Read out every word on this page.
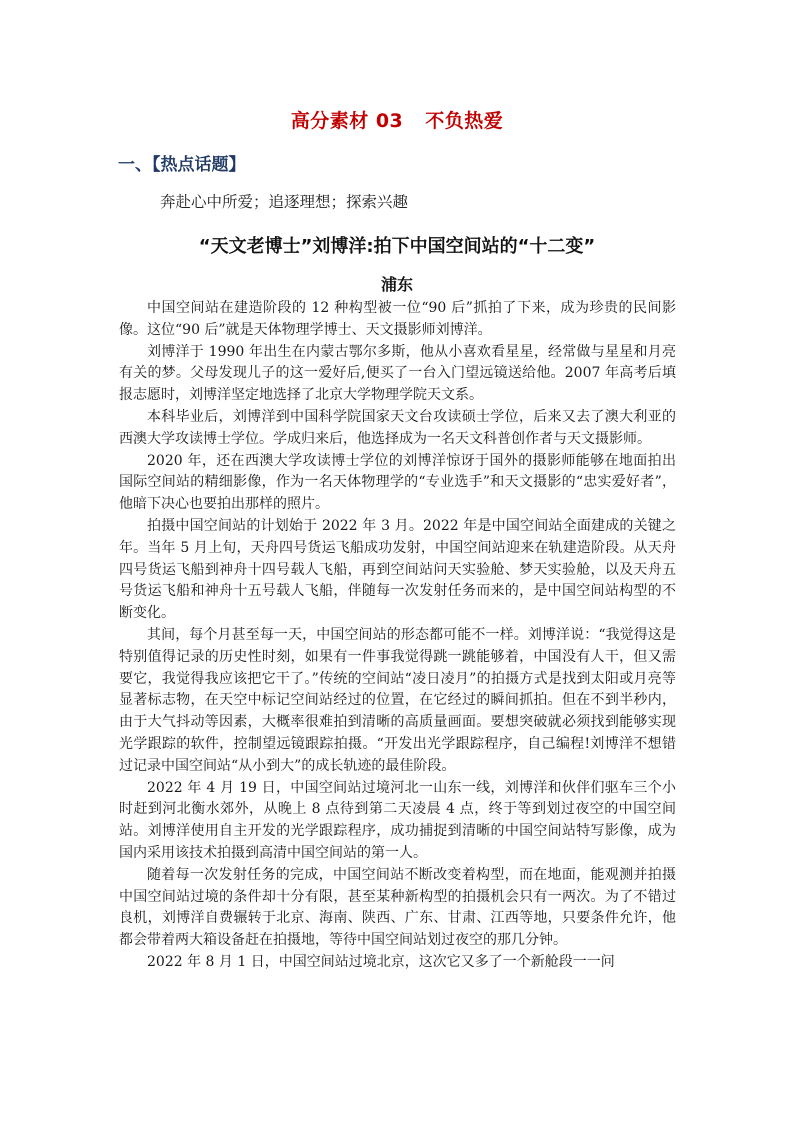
高分素材 03 不负热爱
一、【热点话题】
奔赴心中所爱；追逐理想；探索兴趣
“天文老博士”刘博洋:拍下中国空间站的“十二变”
浦东

中国空间站在建造阶段的 12 种构型被一位“90 后”抓拍了下来，成为珍贵的民间影像。这位“90 后”就是天体物理学博士、天文摄影师刘博洋。

刘博洋于 1990 年出生在内蒙古鄂尔多斯，他从小喜欢看星星，经常做与星星和月亮有关的梦。父母发现儿子的这一爱好后,便买了一台入门望远镜送给他。2007 年高考后填报志愿时，刘博洋坚定地选择了北京大学物理学院天文系。

本科毕业后，刘博洋到中国科学院国家天文台攻读硕士学位，后来又去了澳大利亚的西澳大学攻读博士学位。学成归来后，他选择成为一名天文科普创作者与天文摄影师。

2020 年，还在西澳大学攻读博士学位的刘博洋惊讶于国外的摄影师能够在地面拍出国际空间站的精细影像，作为一名天体物理学的“专业选手”和天文摄影的“忠实爱好者”，他暗下决心也要拍出那样的照片。

拍摄中国空间站的计划始于 2022 年 3 月。2022 年是中国空间站全面建成的关键之年。当年 5 月上旬，天舟四号货运飞船成功发射，中国空间站迎来在轨建造阶段。从天舟四号货运飞船到神舟十四号载人飞船，再到空间站问天实验舱、梦天实验舱，以及天舟五号货运飞船和神舟十五号载人飞船，伴随每一次发射任务而来的，是中国空间站构型的不断变化。

其间，每个月甚至每一天，中国空间站的形态都可能不一样。刘博洋说：“我觉得这是特别值得记录的历史性时刻，如果有一件事我觉得跳一跳能够着，中国没有人干，但又需要它，我觉得我应该把它干了。”传统的空间站“凌日凌月”的拍摄方式是找到太阳或月亮等显著标志物，在天空中标记空间站经过的位置，在它经过的瞬间抓拍。但在不到半秒内，由于大气抖动等因素，大概率很难拍到清晰的高质量画面。要想突破就必须找到能够实现光学跟踪的软件，控制望远镜跟踪拍摄。“开发出光学跟踪程序，自己编程!刘博洋不想错过记录中国空间站“从小到大”的成长轨迹的最佳阶段。

2022 年 4 月 19 日，中国空间站过境河北一山东一线，刘博洋和伙伴们驱车三个小时赶到河北衡水郊外，从晚上 8 点待到第二天凌晨 4 点，终于等到划过夜空的中国空间站。刘博洋使用自主开发的光学跟踪程序，成功捕捉到清晰的中国空间站特写影像，成为国内采用该技术拍摄到高清中国空间站的第一人。

随着每一次发射任务的完成，中国空间站不断改变着构型，而在地面，能观测并拍摄中国空间站过境的条件却十分有限，甚至某种新构型的拍摄机会只有一两次。为了不错过良机，刘博洋自费辗转于北京、海南、陕西、广东、甘肃、江西等地，只要条件允许，他都会带着两大箱设备赶在拍摄地，等待中国空间站划过夜空的那几分钟。

2022 年 8 月 1 日，中国空间站过境北京，这次它又多了一个新舱段一一问
